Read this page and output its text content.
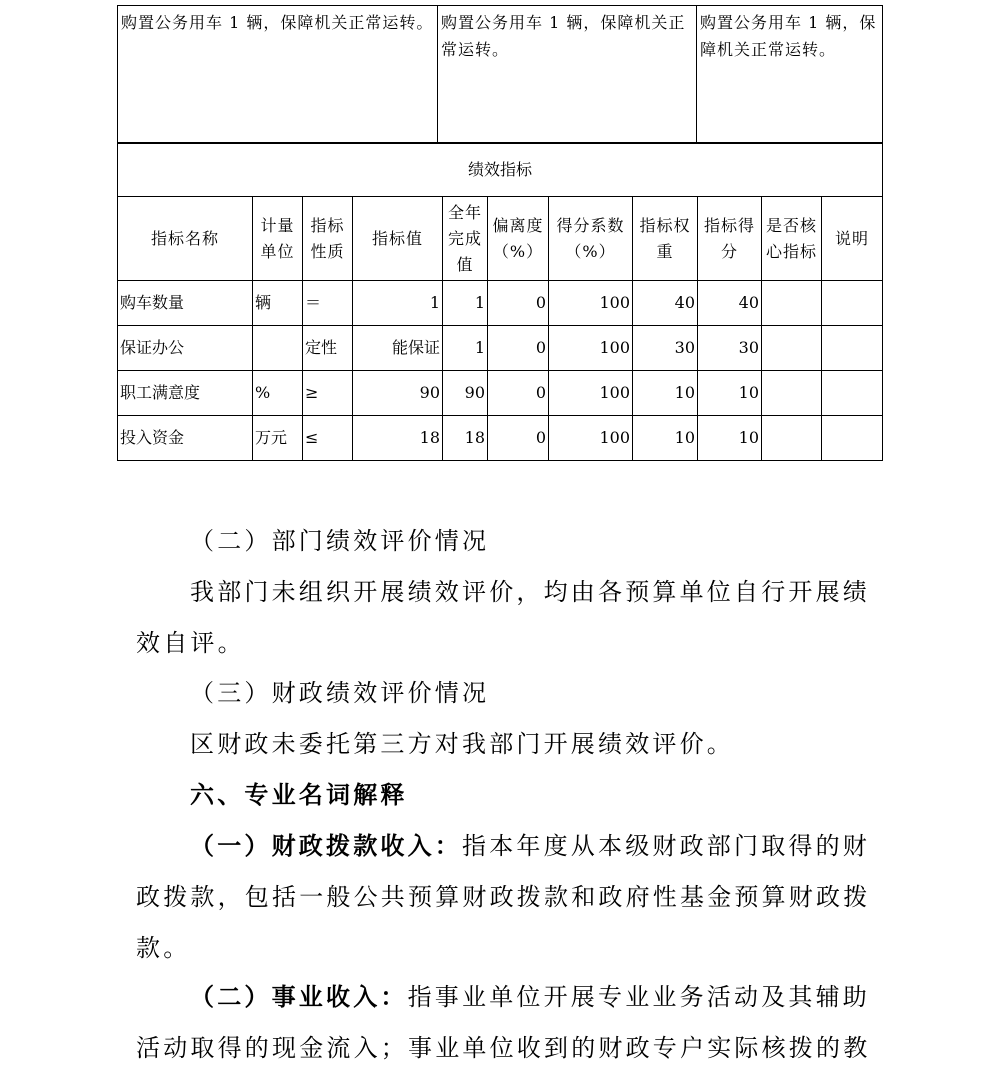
购置公务用车 1 辆，保障机关正常运转。	购置公务用车 1 辆，保障机关正常运转。	购置公务用车 1 辆，保障机关正常运转。
绩效指标										
指标名称	计量单位	指标性质	指标值	全年完成值	偏离度（%）	得分系数（%）	指标权重	指标得分	是否核心指标	说明
购车数量	辆	＝	1	1	0	100	40	40		
保证办公		定性	能保证	1	0	100	30	30		
职工满意度	%	≥	90	90	0	100	10	10		
投入资金	万元	≤	18	18	0	100	10	10		

（二）部门绩效评价情况

我部门未组织开展绩效评价，均由各预算单位自行开展绩效自评。

（三）财政绩效评价情况

区财政未委托第三方对我部门开展绩效评价。

六、专业名词解释

（一）财政拨款收入：指本年度从本级财政部门取得的财政拨款，包括一般公共预算财政拨款和政府性基金预算财政拨款。

（二）事业收入：指事业单位开展专业业务活动及其辅助活动取得的现金流入；事业单位收到的财政专户实际核拨的教
